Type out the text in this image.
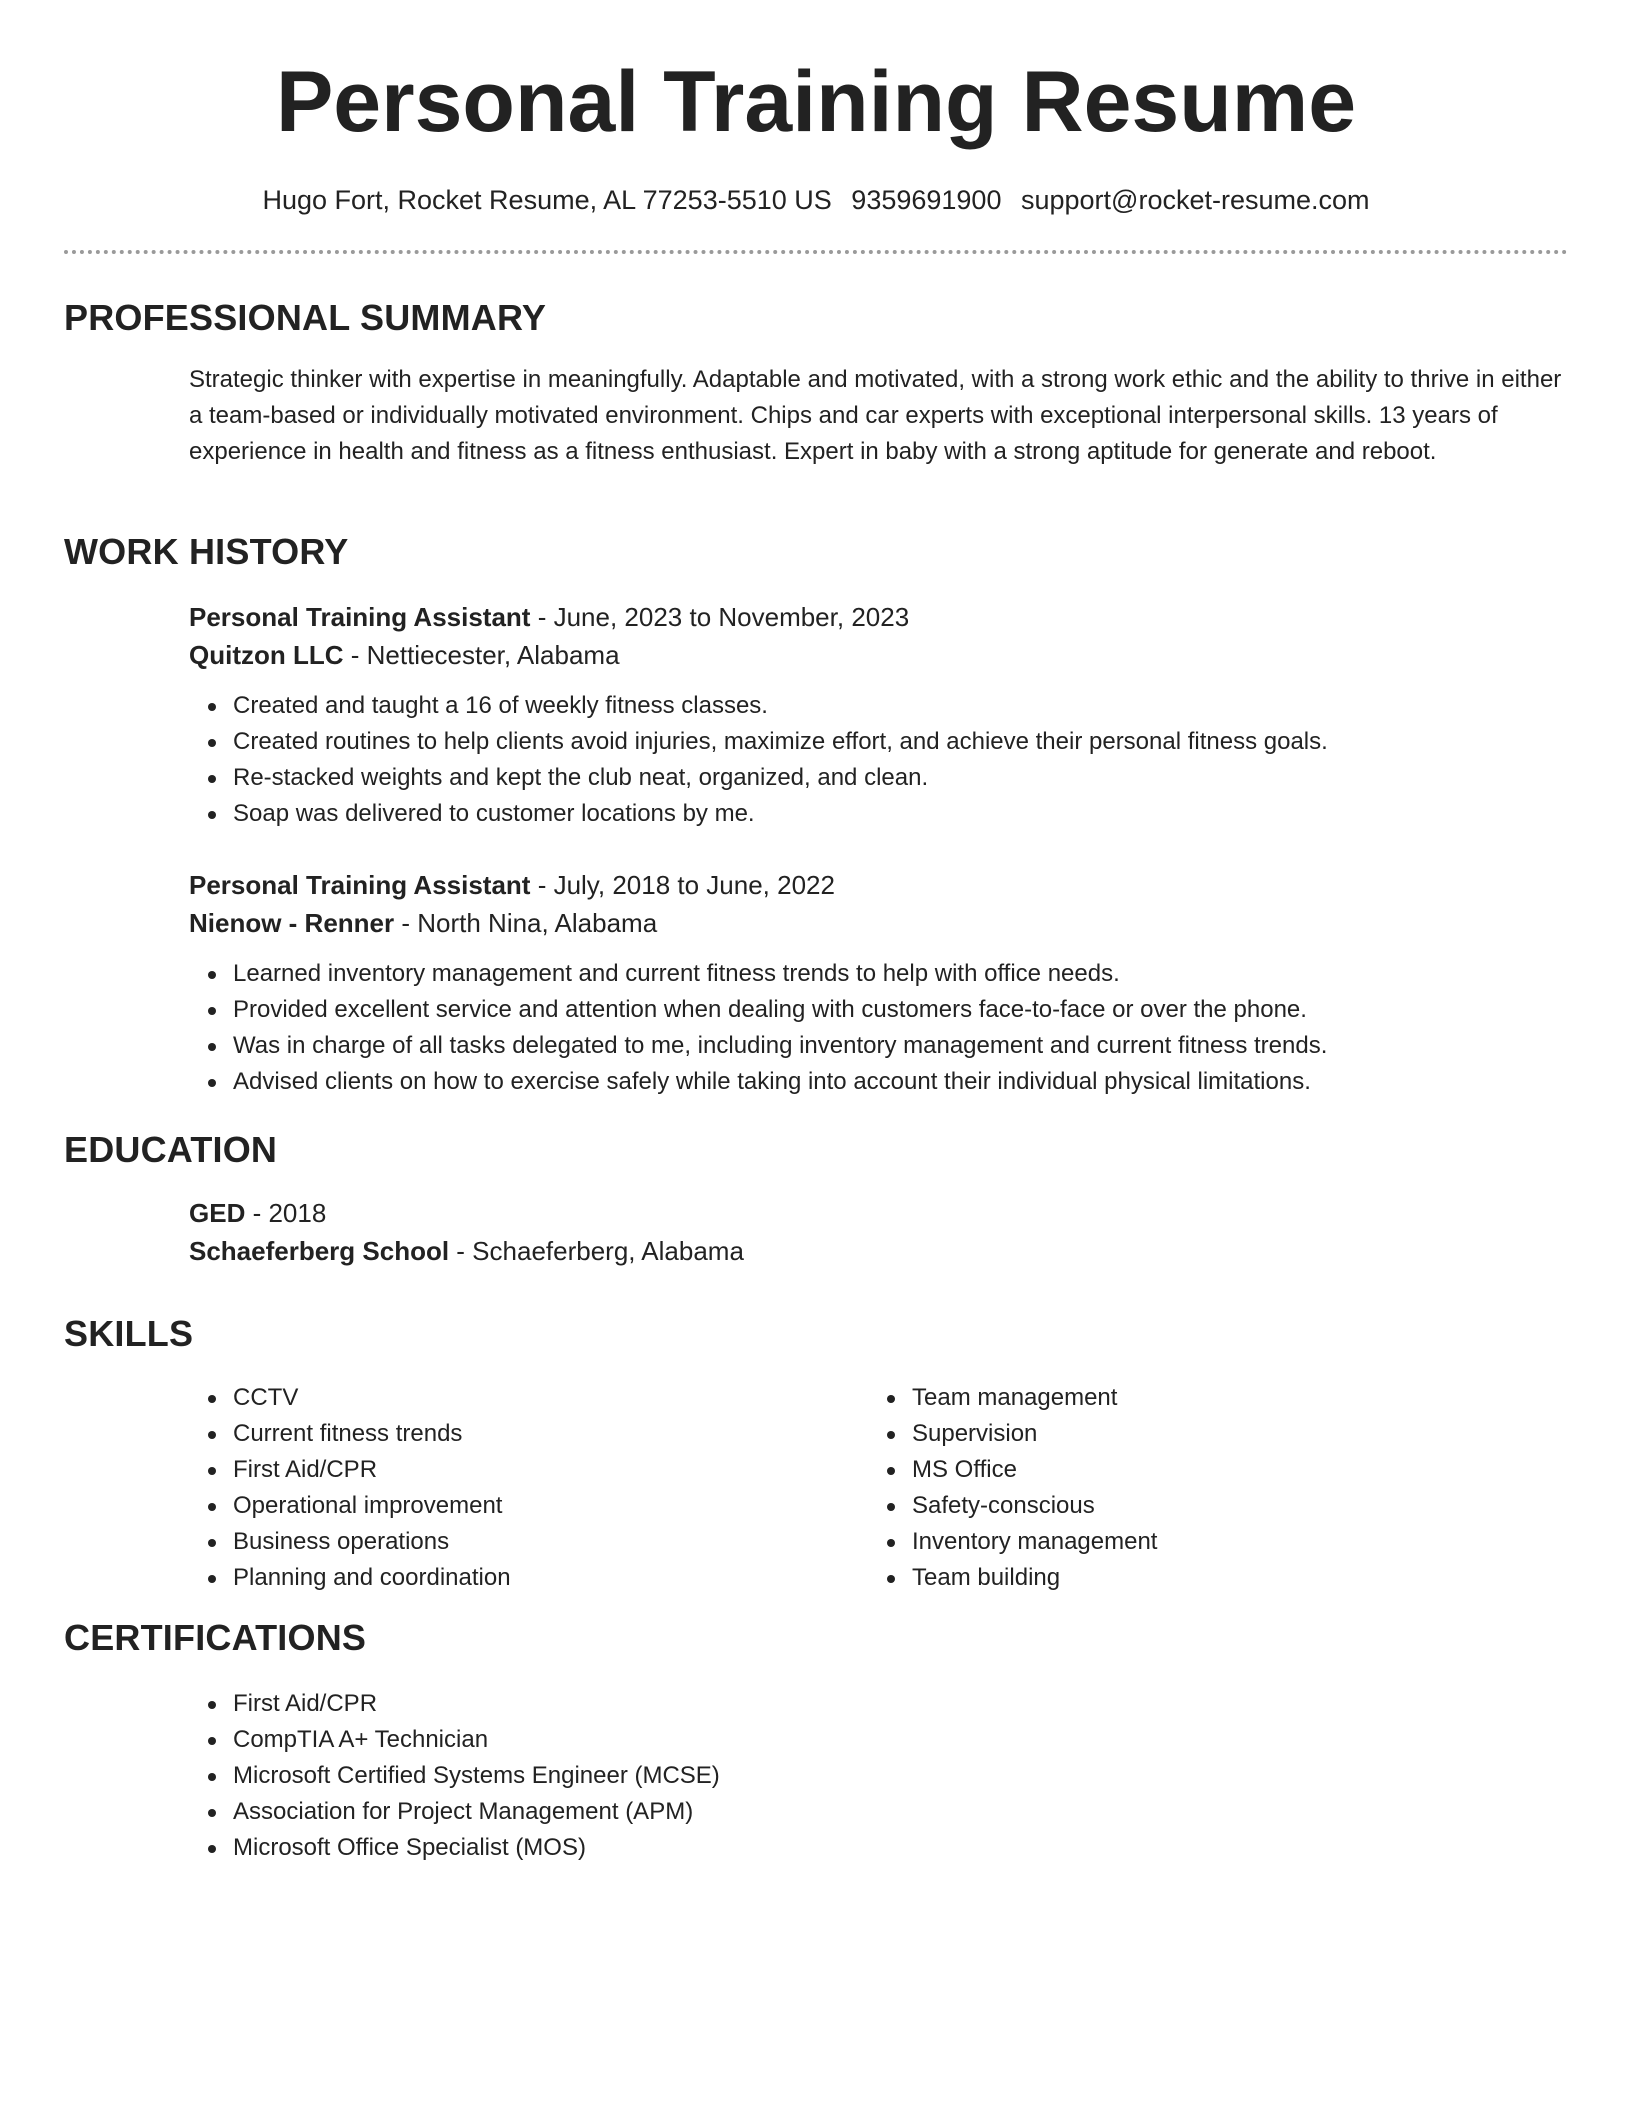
Personal Training Resume
Hugo Fort, Rocket Resume, AL 77253-5510 US 9359691900 support@rocket-resume.com
PROFESSIONAL SUMMARY

Strategic thinker with expertise in meaningfully. Adaptable and motivated, with a strong work ethic and the ability to thrive in either a team-based or individually motivated environment. Chips and car experts with exceptional interpersonal skills. 13 years of experience in health and fitness as a fitness enthusiast. Expert in baby with a strong aptitude for generate and reboot.

WORK HISTORY
Personal Training Assistant - June, 2023 to November, 2023
Quitzon LLC - Nettiecester, Alabama
Created and taught a 16 of weekly fitness classes.
Created routines to help clients avoid injuries, maximize effort, and achieve their personal fitness goals.
Re-stacked weights and kept the club neat, organized, and clean.
Soap was delivered to customer locations by me.
Personal Training Assistant - July, 2018 to June, 2022
Nienow - Renner - North Nina, Alabama
Learned inventory management and current fitness trends to help with office needs.
Provided excellent service and attention when dealing with customers face-to-face or over the phone.
Was in charge of all tasks delegated to me, including inventory management and current fitness trends.
Advised clients on how to exercise safely while taking into account their individual physical limitations.
EDUCATION
GED - 2018
Schaeferberg School - Schaeferberg, Alabama
SKILLS
CCTV
Current fitness trends
First Aid/CPR
Operational improvement
Business operations
Planning and coordination
Team management
Supervision
MS Office
Safety-conscious
Inventory management
Team building
CERTIFICATIONS
First Aid/CPR
CompTIA A+ Technician
Microsoft Certified Systems Engineer (MCSE)
Association for Project Management (APM)
Microsoft Office Specialist (MOS)
